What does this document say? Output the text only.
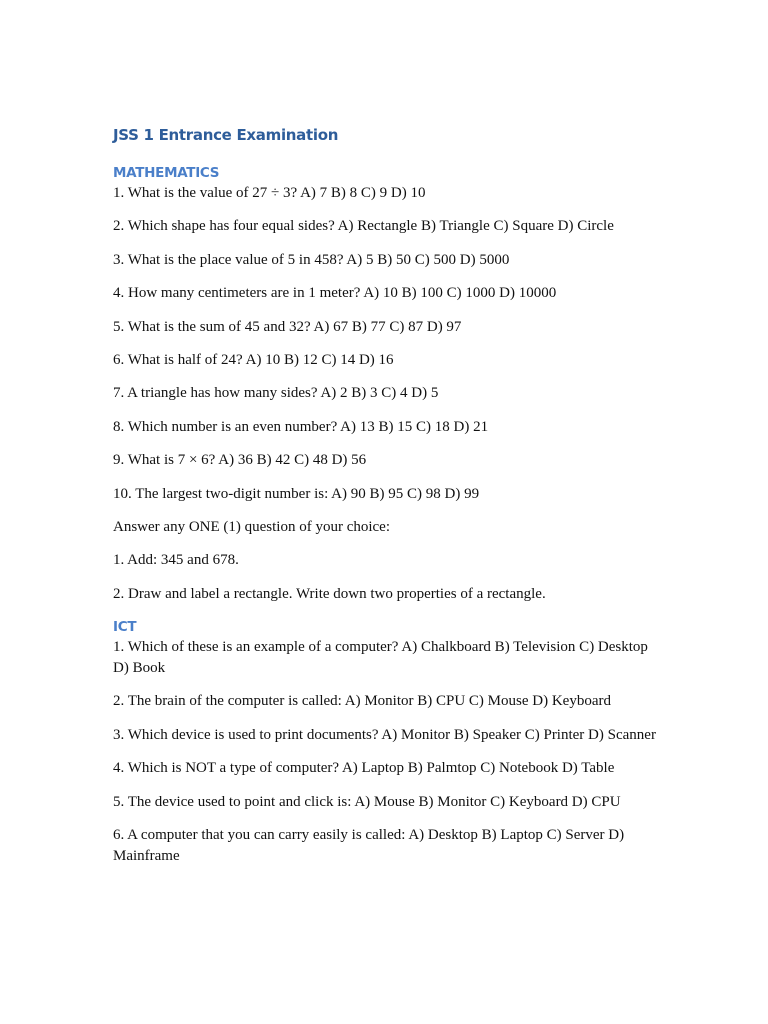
JSS 1 Entrance Examination
MATHEMATICS

1. What is the value of 27 ÷ 3? A) 7 B) 8 C) 9 D) 10

2. Which shape has four equal sides? A) Rectangle B) Triangle C) Square D) Circle

3. What is the place value of 5 in 458? A) 5 B) 50 C) 500 D) 5000

4. How many centimeters are in 1 meter? A) 10 B) 100 C) 1000 D) 10000

5. What is the sum of 45 and 32? A) 67 B) 77 C) 87 D) 97

6. What is half of 24? A) 10 B) 12 C) 14 D) 16

7. A triangle has how many sides? A) 2 B) 3 C) 4 D) 5

8. Which number is an even number? A) 13 B) 15 C) 18 D) 21

9. What is 7 × 6? A) 36 B) 42 C) 48 D) 56

10. The largest two-digit number is: A) 90 B) 95 C) 98 D) 99

Answer any ONE (1) question of your choice:

1. Add: 345 and 678.

2. Draw and label a rectangle. Write down two properties of a rectangle.

ICT

1. Which of these is an example of a computer? A) Chalkboard B) Television C) Desktop D) Book

2. The brain of the computer is called: A) Monitor B) CPU C) Mouse D) Keyboard

3. Which device is used to print documents? A) Monitor B) Speaker C) Printer D) Scanner

4. Which is NOT a type of computer? A) Laptop B) Palmtop C) Notebook D) Table

5. The device used to point and click is: A) Mouse B) Monitor C) Keyboard D) CPU

6. A computer that you can carry easily is called: A) Desktop B) Laptop C) Server D) Mainframe
